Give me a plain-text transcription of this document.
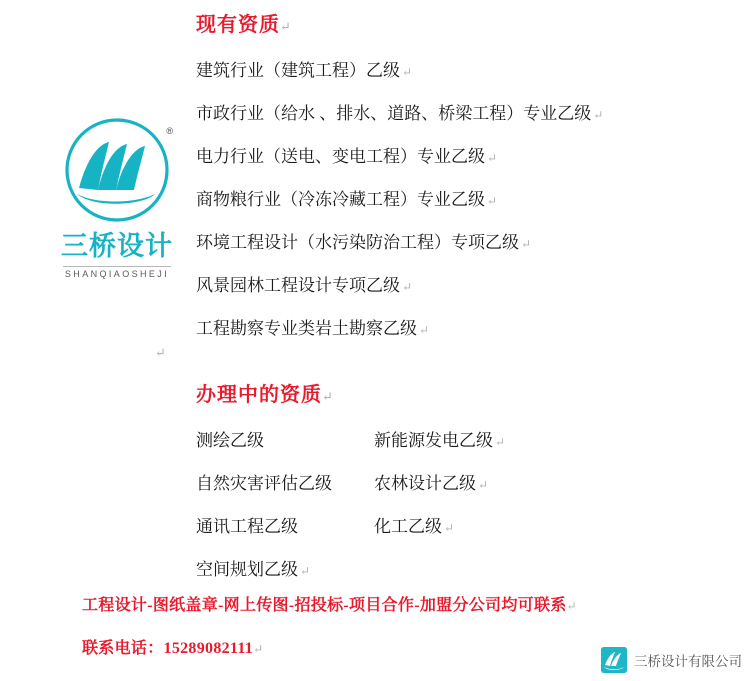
®
三桥设计
SHANQIAOSHEJI
现有资质↵
建筑行业（建筑工程）乙级 ↵
市政行业（给水 、排水、道路、桥梁工程）专业乙级 ↵
电力行业（送电、变电工程）专业乙级 ↵
商物粮行业（冷冻冷藏工程）专业乙级 ↵
环境工程设计（水污染防治工程）专项乙级 ↵
风景园林工程设计专项乙级 ↵
工程勘察专业类岩土勘察乙级 ↵
↵
办理中的资质↵
测绘乙级	新能源发电乙级 ↵
自然灾害评估乙级	农林设计乙级 ↵
通讯工程乙级	化工乙级 ↵
空间规划乙级 ↵
工程设计-图纸盖章-网上传图-招投标-项目合作-加盟分公司均可联系↵
联系电话：15289082111↵
三桥设计有限公司
